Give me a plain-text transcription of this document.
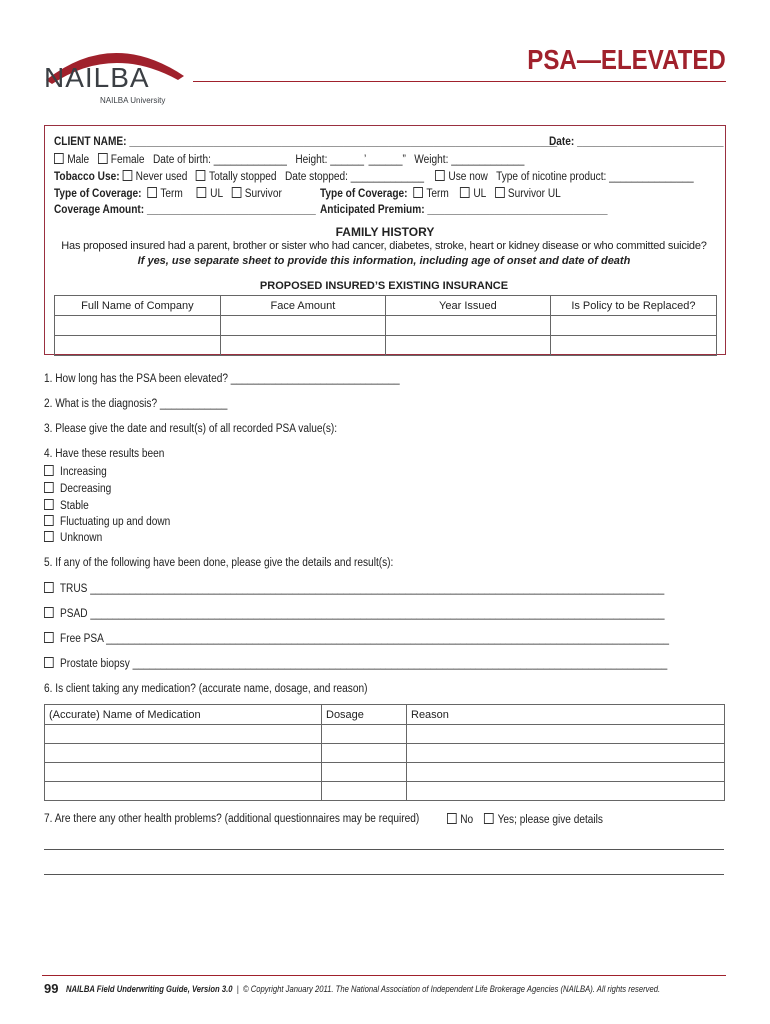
NAILBA
NAILBA University
PSA—ELEVATED
CLIENT NAME: ____________________________________________________________________________
Date: __________________________
Male Female Date of birth: _____________ Height: ______’ ______” Weight: _____________
Tobacco Use: Never used Totally stopped Date stopped: _____________ Use now Type of nicotine product: _______________
Type of Coverage: Term UL Survivor	Type of Coverage: Term UL Survivor UL
Coverage Amount: ______________________________ Anticipated Premium: ________________________________
FAMILY HISTORY
Has proposed insured had a parent, brother or sister who had cancer, diabetes, stroke, heart or kidney disease or who committed suicide?
If yes, use separate sheet to provide this information, including age of onset and date of death
PROPOSED INSURED’S EXISTING INSURANCE
Full Name of Company	Face Amount	Year Issued	Is Policy to be Replaced?

1. How long has the PSA been elevated? ______________________________
2. What is the diagnosis? ____________
3. Please give the date and result(s) of all recorded PSA value(s):
4. Have these results been
Increasing
Decreasing
Stable
Fluctuating up and down
Unknown
5. If any of the following have been done, please give the details and result(s):
TRUS ______________________________________________________________________________________________________
PSAD ______________________________________________________________________________________________________
Free PSA ____________________________________________________________________________________________________
Prostate biopsy _______________________________________________________________________________________________
6. Is client taking any medication? (accurate name, dosage, and reason)
(Accurate) Name of Medication	Dosage	Reason

7. Are there any other health problems? (additional questionnaires may be required)	No Yes; please give details
99 NAILBA Field Underwriting Guide, Version 3.0 | © Copyright January 2011. The National Association of Independent Life Brokerage Agencies (NAILBA). All rights reserved.
